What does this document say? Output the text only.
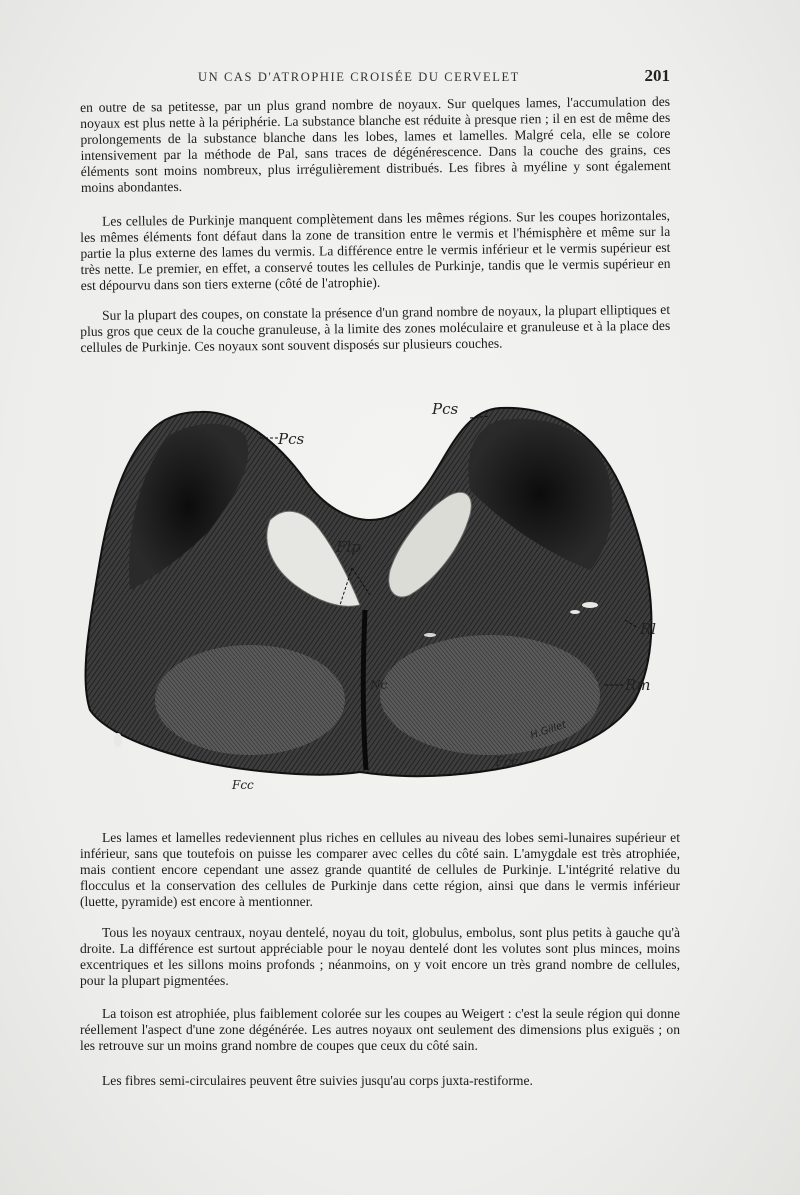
UN CAS D'ATROPHIE CROISÉE DU CERVELET	201

en outre de sa petitesse, par un plus grand nombre de noyaux. Sur quelques lames, l'accumulation des noyaux est plus nette à la périphérie. La substance blanche est réduite à presque rien ; il en est de même des prolongements de la substance blanche dans les lobes, lames et lamelles. Malgré cela, elle se colore intensivement par la méthode de Pal, sans traces de dégénérescence. Dans la couche des grains, ces éléments sont moins nombreux, plus irrégulièrement distribués. Les fibres à myéline y sont également moins abondantes.

Les cellules de Purkinje manquent complètement dans les mêmes régions. Sur les coupes horizontales, les mêmes éléments font défaut dans la zone de transition entre le vermis et l'hémisphère et même sur la partie la plus externe des lames du vermis. La différence entre le vermis inférieur et le vermis supérieur est très nette. Le premier, en effet, a conservé toutes les cellules de Purkinje, tandis que le vermis supérieur en est dépourvu dans son tiers externe (côté de l'atrophie).

Sur la plupart des coupes, on constate la présence d'un grand nombre de noyaux, la plupart elliptiques et plus gros que ceux de la couche granuleuse, à la limite des zones moléculaire et granuleuse et à la place des cellules de Purkinje. Ces noyaux sont souvent disposés sur plusieurs couches.

Pcs
Pcs
Flp
Nc
Rl
Rm
Fcc
Fcc
H.Gillet

Les lames et lamelles redeviennent plus riches en cellules au niveau des lobes semi-lunaires supérieur et inférieur, sans que toutefois on puisse les comparer avec celles du côté sain. L'amygdale est très atrophiée, mais contient encore cependant une assez grande quantité de cellules de Purkinje. L'intégrité relative du flocculus et la conservation des cellules de Purkinje dans cette région, ainsi que dans le vermis inférieur (luette, pyramide) est encore à mentionner.

Tous les noyaux centraux, noyau dentelé, noyau du toit, globulus, embolus, sont plus petits à gauche qu'à droite. La différence est surtout appréciable pour le noyau dentelé dont les volutes sont plus minces, moins excentriques et les sillons moins profonds ; néanmoins, on y voit encore un très grand nombre de cellules, pour la plupart pigmentées.

La toison est atrophiée, plus faiblement colorée sur les coupes au Weigert : c'est la seule région qui donne réellement l'aspect d'une zone dégénérée. Les autres noyaux ont seulement des dimensions plus exiguës ; on les retrouve sur un moins grand nombre de coupes que ceux du côté sain.

Les fibres semi-circulaires peuvent être suivies jusqu'au corps juxta-restiforme.
